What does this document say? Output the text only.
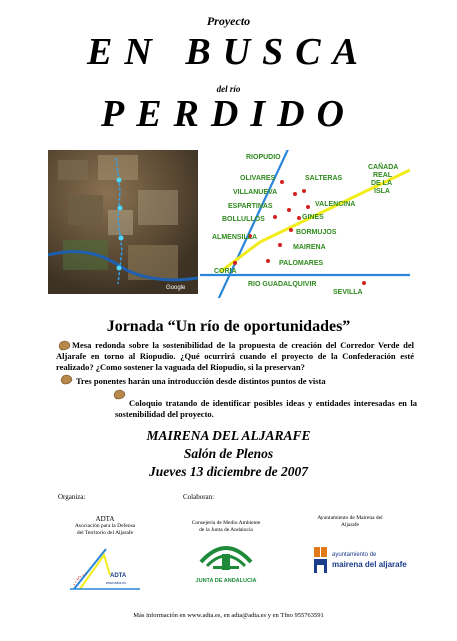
Proyecto
EN BUSCA
del río
PERDIDO
Google
RIOPUDIO
OLIVARES	SALTERAS
VILLANUEVA
VALENCINA
ESPARTINAS
BOLLULLOS	GINES
BORMUJOS
ALMENSILLA
MAIRENA
PALOMARES
CORIA
RIO GUADALQUIVIR
SEVILLA
CAÑADA
REAL
DE LA
ISLA
Jornada “Un río de oportunidades”
Mesa redonda sobre la sostenibilidad de la propuesta de creación del Corredor Verde del Aljarafe en torno al Riopudio. ¿Qué ocurrirá cuando el proyecto de la Confederación esté realizado? ¿Como sostener la vaguada del Riopudio, si la preservan?
Tres ponentes harán una introducción desde distintos puntos de vista
Coloquio tratando de identificar posibles ideas y entidades interesadas en la sostenibilidad del proyecto.
MAIRENA DEL ALJARAFE
Salón de Plenos
Jueves 13 diciembre de 2007
Organiza:
ADTA
Asociación para la Defensa
del Territorio del Aljarafe
ADTA
www.adta.es
Colaboran:
Consejería de Medio Ambiente
de la Junta de Andalucía
JUNTA DE ANDALUCIA
Ayuntamiento de Mairena del
Aljarafe
ayuntamiento de
mairena del aljarafe
Más información en www.adta.es, en adta@adta.es y en Tfno 955763591
